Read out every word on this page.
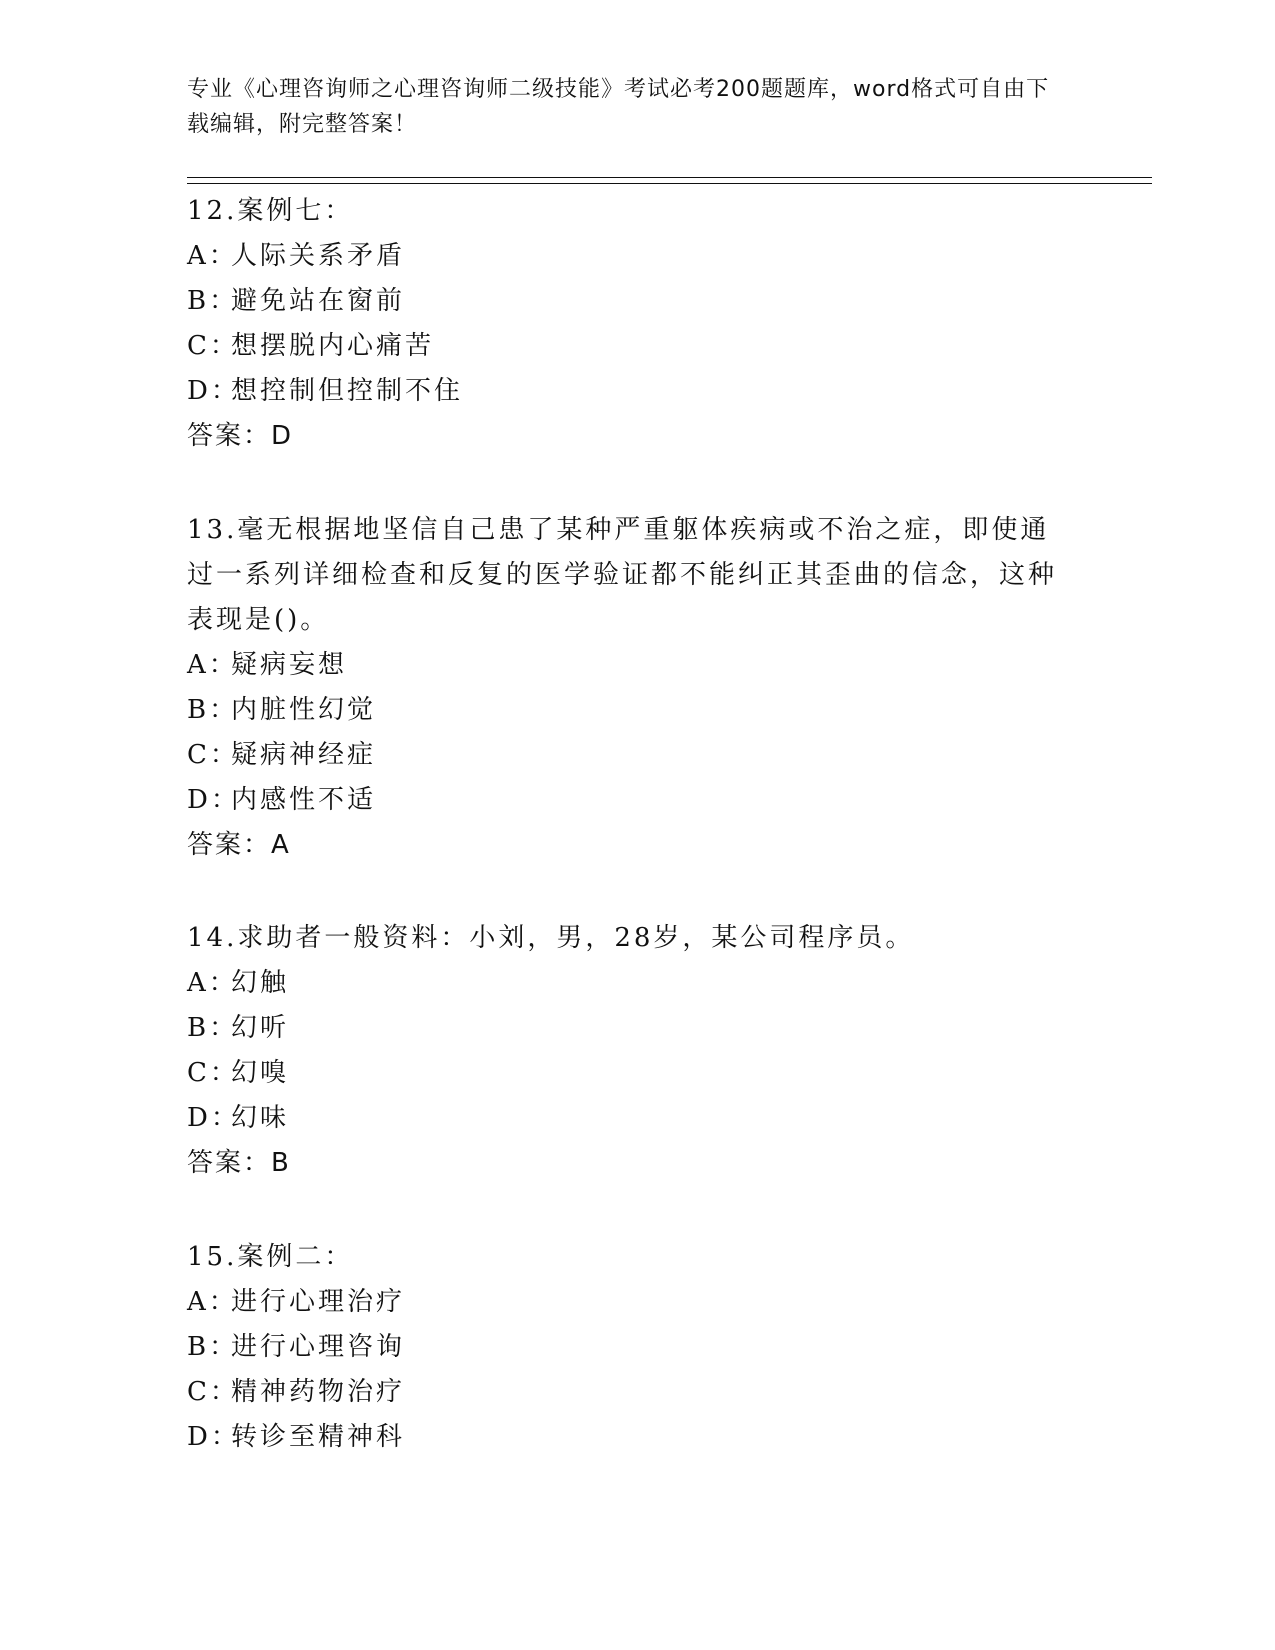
专业《心理咨询师之心理咨询师二级技能》考试必考200题题库，word格式可自由下载编辑，附完整答案！

12.案例七：

A：人际关系矛盾

B：避免站在窗前

C：想摆脱内心痛苦

D：想控制但控制不住

答案：D

13.毫无根据地坚信自己患了某种严重躯体疾病或不治之症，即使通过一系列详细检查和反复的医学验证都不能纠正其歪曲的信念，这种表现是()。

A：疑病妄想

B：内脏性幻觉

C：疑病神经症

D：内感性不适

答案：A

14.求助者一般资料：小刘，男，28岁，某公司程序员。

A：幻触

B：幻听

C：幻嗅

D：幻味

答案：B

15.案例二：

A：进行心理治疗

B：进行心理咨询

C：精神药物治疗

D：转诊至精神科
